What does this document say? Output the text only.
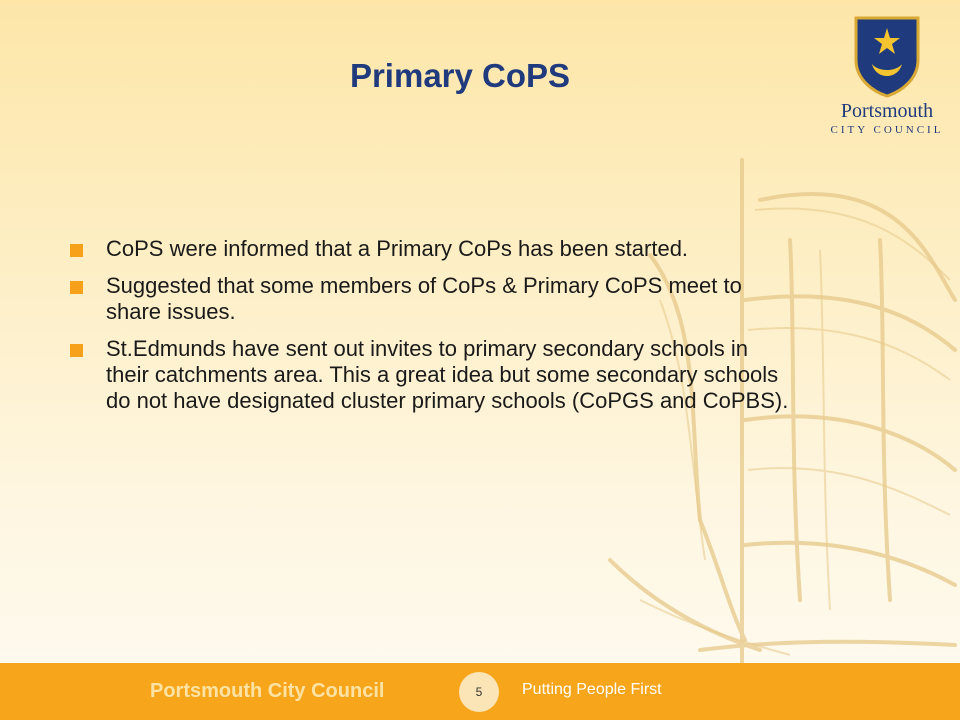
Portsmouth
CITY COUNCIL
Primary CoPS
CoPS were informed that a Primary CoPs has been started.
Suggested that some members of CoPs & Primary CoPS meet to share issues.
St.Edmunds have sent out invites to primary secondary schools in their catchments area. This a great idea but some secondary schools do not have designated cluster primary schools (CoPGS and CoPBS).
Portsmouth City Council	5	Putting People First
